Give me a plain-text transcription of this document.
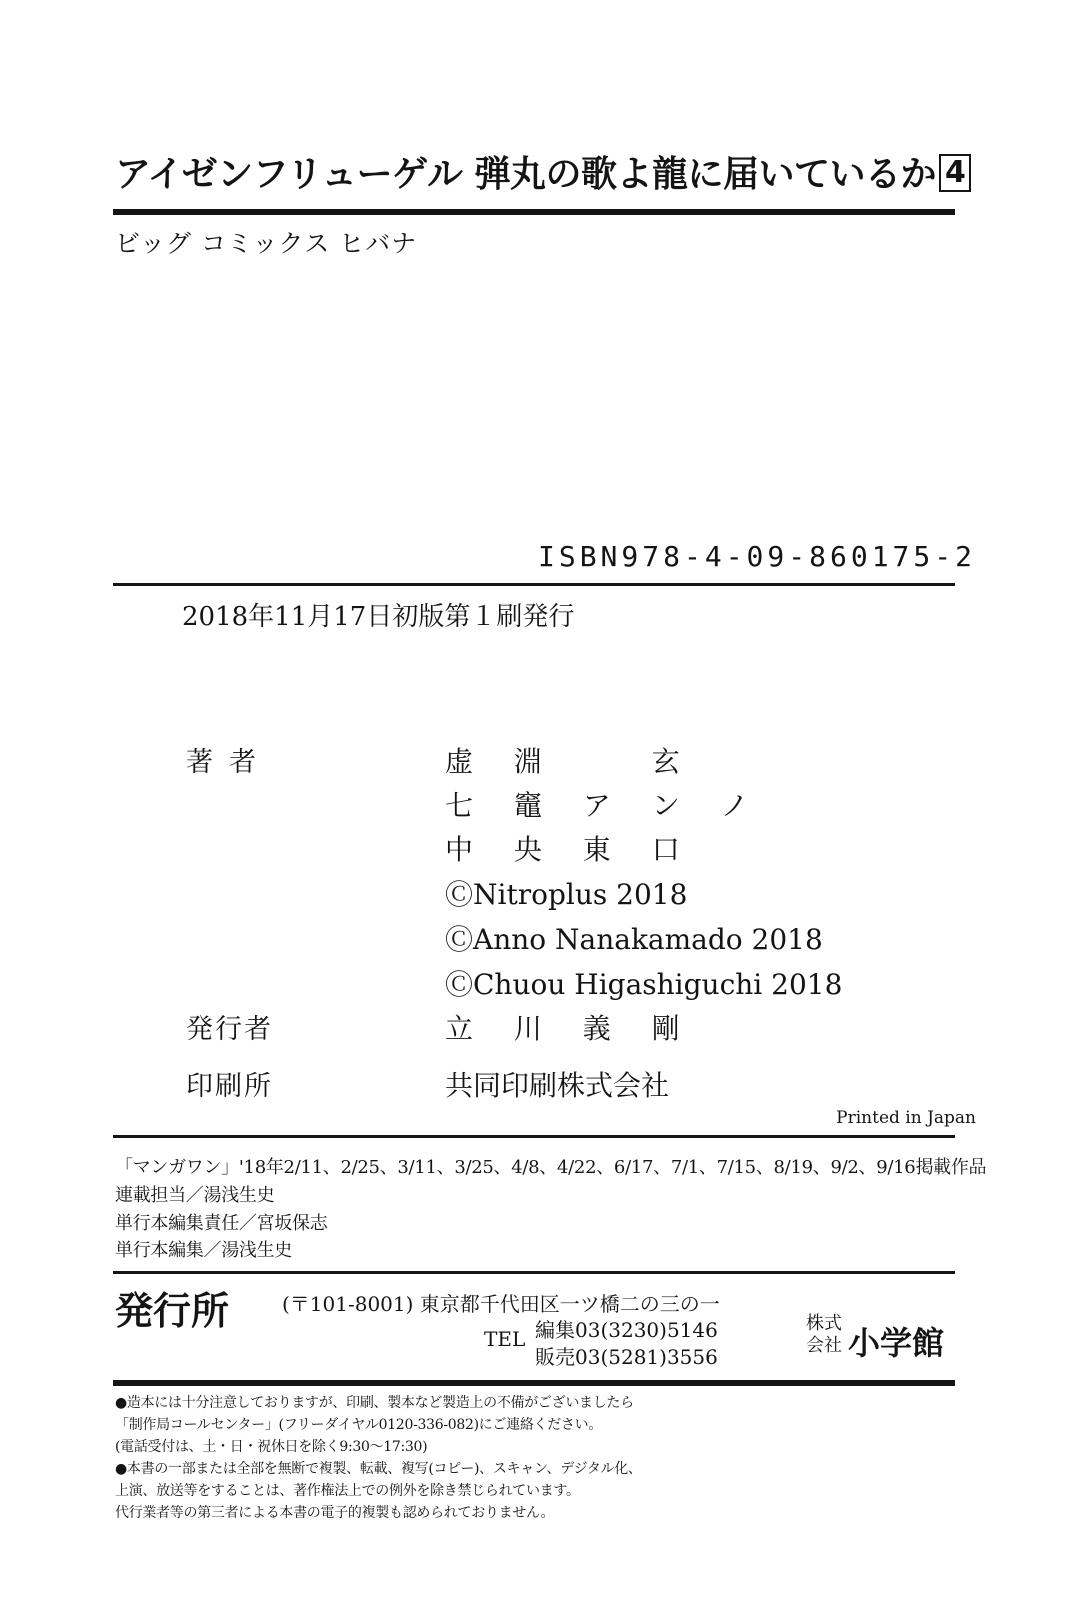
アイゼンフリューゲル 弾丸の歌よ龍に届いているか 4
ビッグ コミックス ヒバナ
ISBN978-4-09-860175-2
2018年11月17日初版第１刷発行
著者	虚 淵 　 玄
七 竈 ア ン ノ
中 央 東 口
ⒸNitroplus 2018
ⒸAnno Nanakamado 2018
ⒸChuou Higashiguchi 2018
発行者	立 川 義 剛
印刷所	共同印刷株式会社
Printed in Japan
「マンガワン」'18年2/11、2/25、3/11、3/25、4/8、4/22、6/17、7/1、7/15、8/19、9/2、9/16掲載作品
連載担当／湯浅生史
単行本編集責任／宮坂保志
単行本編集／湯浅生史
発行所	(〒101-8001) 東京都千代田区一ツ橋二の三の一
TEL 編集03(3230)5146
販売03(5281)3556
株式会社 小学館
●造本には十分注意しておりますが、印刷、製本など製造上の不備がございましたら
「制作局コールセンター」(フリーダイヤル0120-336-082)にご連絡ください。
(電話受付は、土・日・祝休日を除く9:30〜17:30)
●本書の一部または全部を無断で複製、転載、複写(コピー)、スキャン、デジタル化、
上演、放送等をすることは、著作権法上での例外を除き禁じられています。
代行業者等の第三者による本書の電子的複製も認められておりません。
